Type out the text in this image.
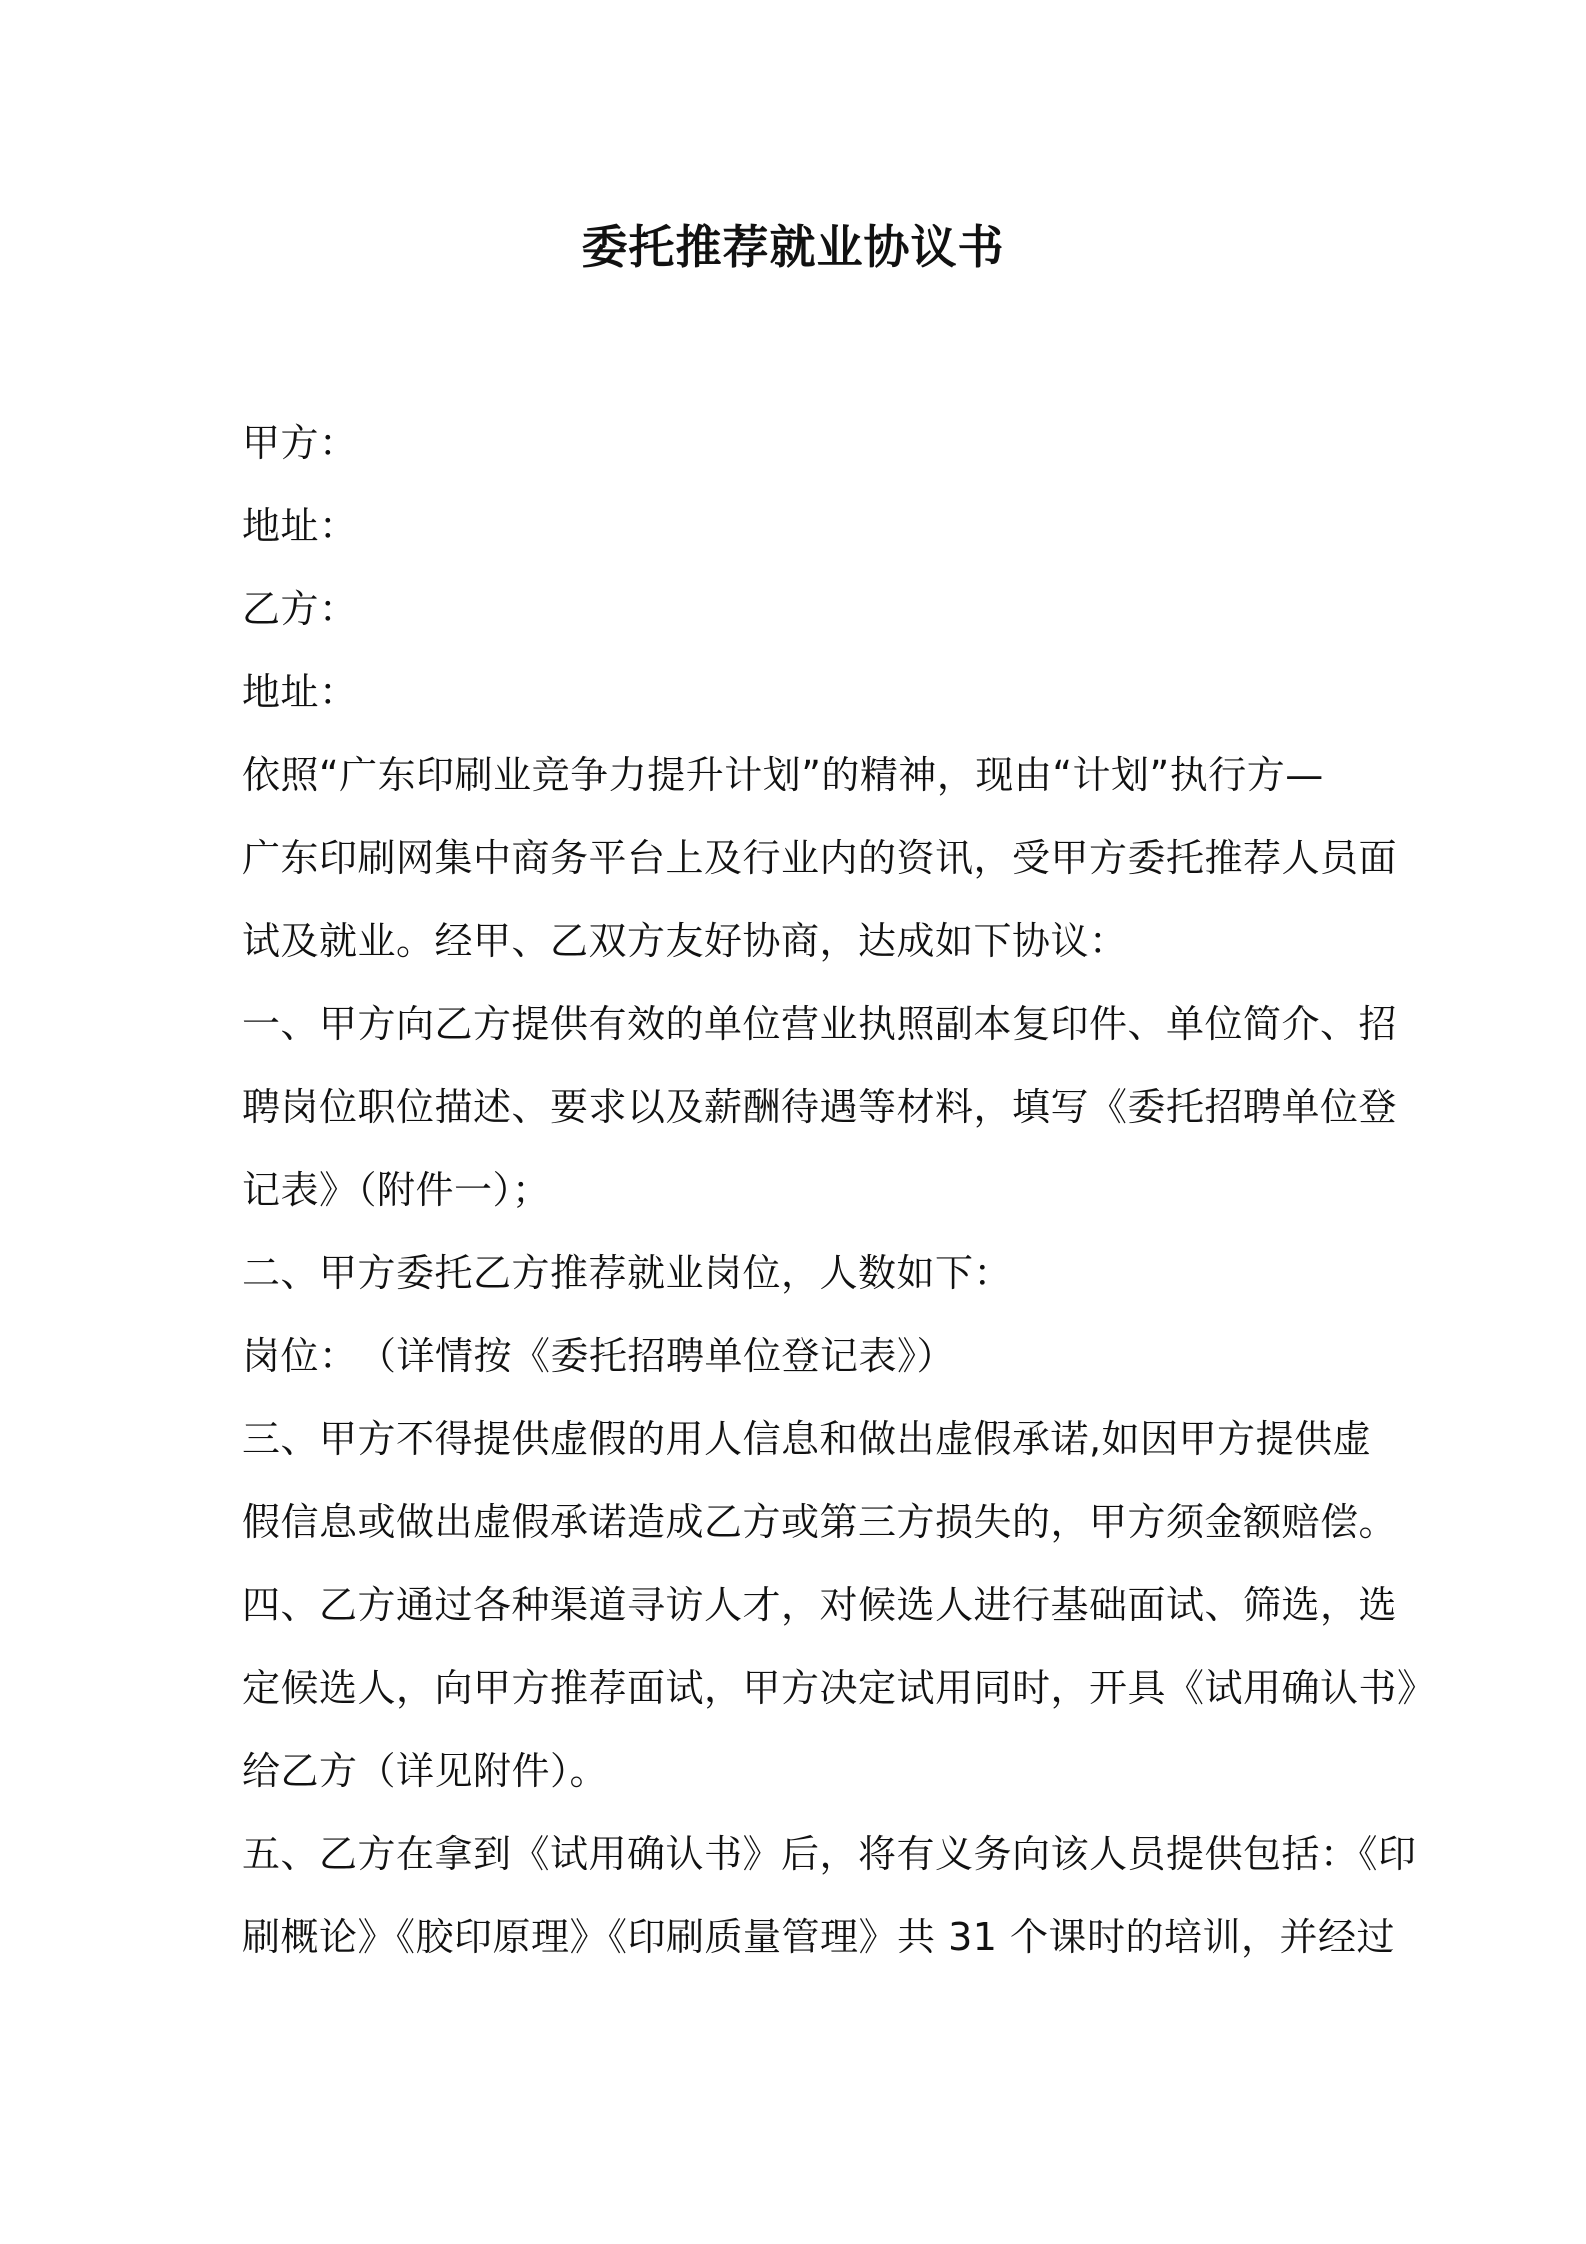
委托推荐就业协议书
甲方：
地址：
乙方：
地址：
依照“广东印刷业竞争力提升计划”的精神，现由“计划”执行方—
广东印刷网集中商务平台上及行业内的资讯，受甲方委托推荐人员面
试及就业。经甲、乙双方友好协商，达成如下协议：
一、甲方向乙方提供有效的单位营业执照副本复印件、单位简介、招
聘岗位职位描述、要求以及薪酬待遇等材料，填写《委托招聘单位登
记表》（附件一）；
二、甲方委托乙方推荐就业岗位，人数如下：
岗位：　（详情按《委托招聘单位登记表》）
三、甲方不得提供虚假的用人信息和做出虚假承诺,如因甲方提供虚
假信息或做出虚假承诺造成乙方或第三方损失的，甲方须金额赔偿。
四、乙方通过各种渠道寻访人才，对候选人进行基础面试、筛选，选
定候选人，向甲方推荐面试，甲方决定试用同时，开具《试用确认书》
给乙方（详见附件）。
五、乙方在拿到《试用确认书》后，将有义务向该人员提供包括：《印
刷概论》《胶印原理》《印刷质量管理》共 31 个课时的培训，并经过
